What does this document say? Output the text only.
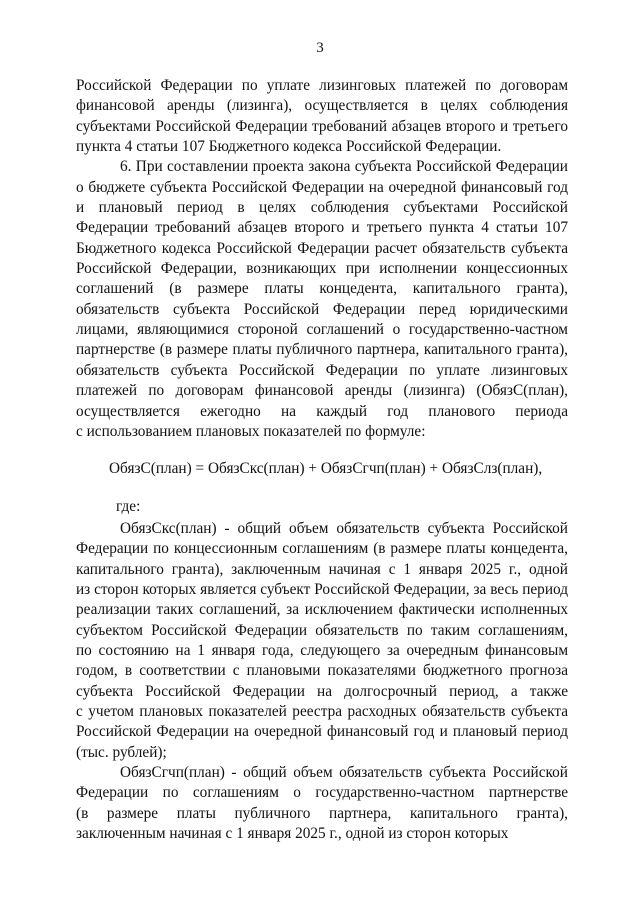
3
Российской Федерации по уплате лизинговых платежей по договорам
финансовой аренды (лизинга), осуществляется в целях соблюдения
субъектами Российской Федерации требований абзацев второго и третьего
пункта 4 статьи 107 Бюджетного кодекса Российской Федерации.
6. При составлении проекта закона субъекта Российской Федерации
о бюджете субъекта Российской Федерации на очередной финансовый год
и плановый период в целях соблюдения субъектами Российской
Федерации требований абзацев второго и третьего пункта 4 статьи 107
Бюджетного кодекса Российской Федерации расчет обязательств субъекта
Российской Федерации, возникающих при исполнении концессионных
соглашений (в размере платы концедента, капитального гранта),
обязательств субъекта Российской Федерации перед юридическими
лицами, являющимися стороной соглашений о государственно-частном
партнерстве (в размере платы публичного партнера, капитального гранта),
обязательств субъекта Российской Федерации по уплате лизинговых
платежей по договорам финансовой аренды (лизинга) (ОбязС(план),
осуществляется ежегодно на каждый год планового периода
с использованием плановых показателей по формуле:
ОбязС(план) = ОбязСкс(план) + ОбязСгчп(план) + ОбязСлз(план),
где:
ОбязСкс(план) - общий объем обязательств субъекта Российской
Федерации по концессионным соглашениям (в размере платы концедента,
капитального гранта), заключенным начиная с 1 января 2025 г., одной
из сторон которых является субъект Российской Федерации, за весь период
реализации таких соглашений, за исключением фактически исполненных
субъектом Российской Федерации обязательств по таким соглашениям,
по состоянию на 1 января года, следующего за очередным финансовым
годом, в соответствии с плановыми показателями бюджетного прогноза
субъекта Российской Федерации на долгосрочный период, а также
с учетом плановых показателей реестра расходных обязательств субъекта
Российской Федерации на очередной финансовый год и плановый период
(тыс. рублей);
ОбязСгчп(план) - общий объем обязательств субъекта Российской
Федерации по соглашениям о государственно-частном партнерстве
(в размере платы публичного партнера, капитального гранта),
заключенным начиная с 1 января 2025 г., одной из сторон которых
